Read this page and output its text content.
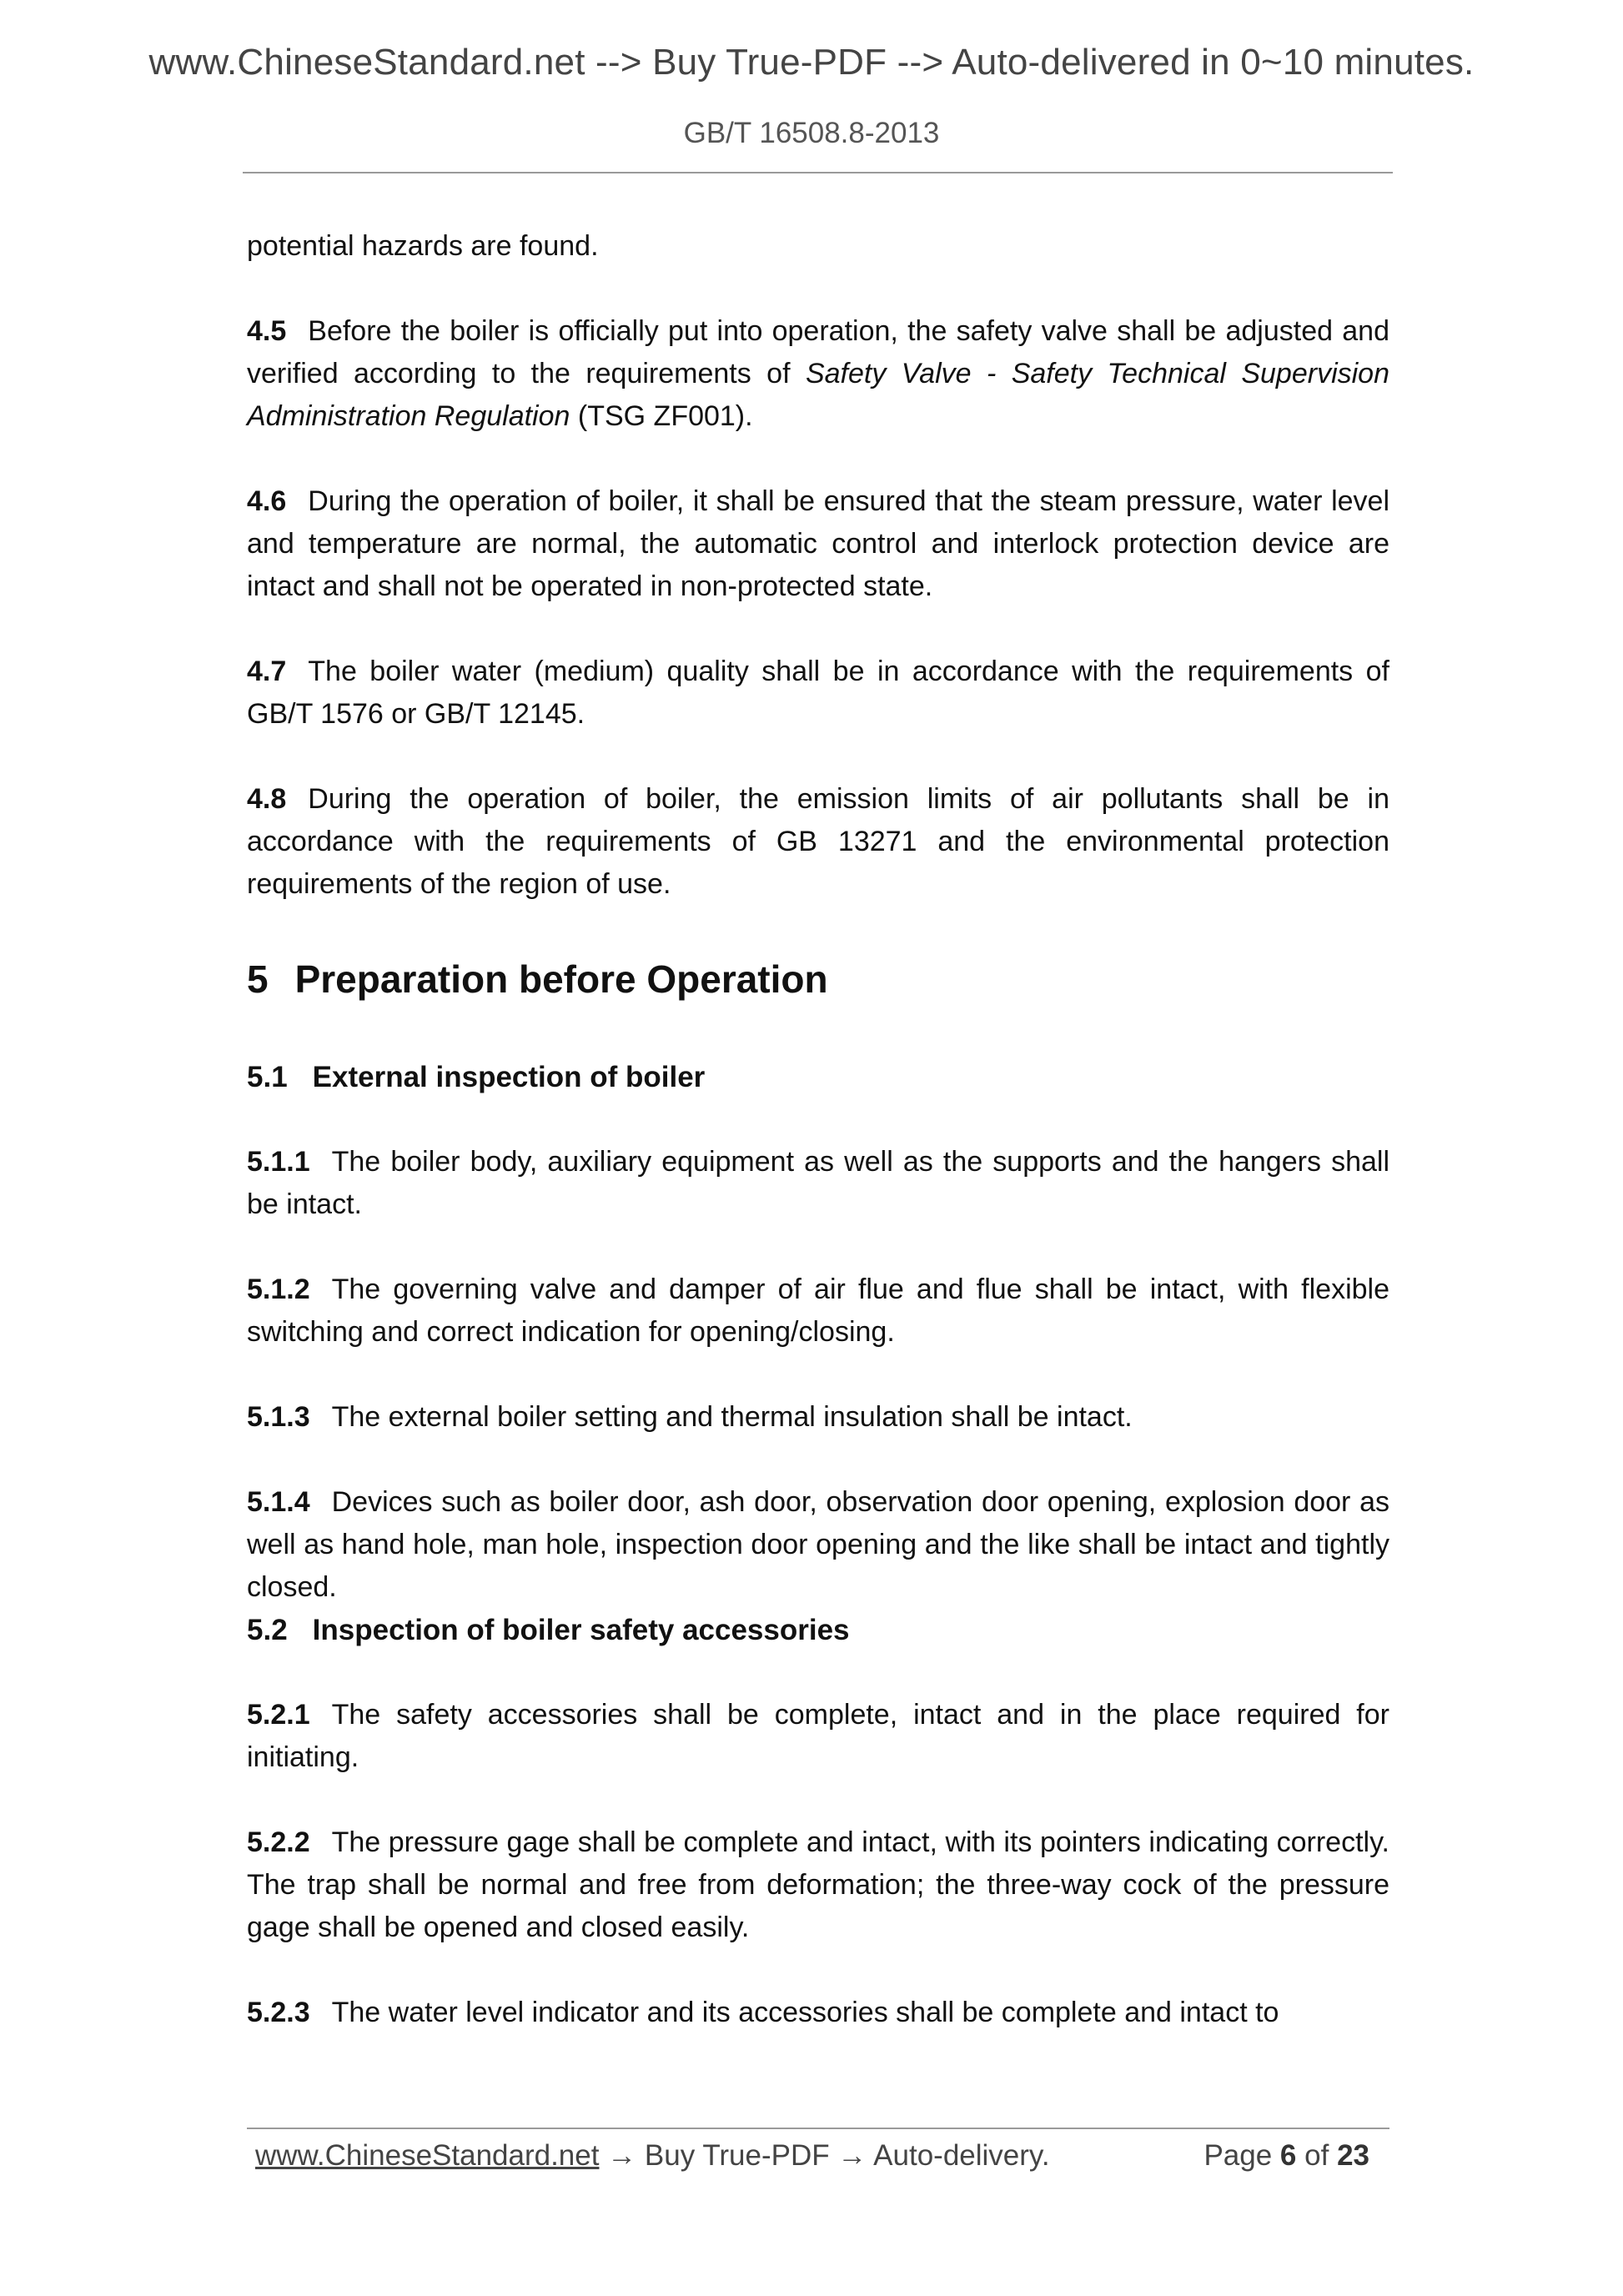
www.ChineseStandard.net --> Buy True-PDF --> Auto-delivered in 0~10 minutes.
GB/T 16508.8-2013

potential hazards are found.

4.5 Before the boiler is officially put into operation, the safety valve shall be adjusted and verified according to the requirements of Safety Valve - Safety Technical Supervision Administration Regulation (TSG ZF001).

4.6 During the operation of boiler, it shall be ensured that the steam pressure, water level and temperature are normal, the automatic control and interlock protection device are intact and shall not be operated in non-protected state.

4.7 The boiler water (medium) quality shall be in accordance with the requirements of GB/T 1576 or GB/T 12145.

4.8 During the operation of boiler, the emission limits of air pollutants shall be in accordance with the requirements of GB 13271 and the environmental protection requirements of the region of use.

5 Preparation before Operation
5.1 External inspection of boiler

5.1.1 The boiler body, auxiliary equipment as well as the supports and the hangers shall be intact.

5.1.2 The governing valve and damper of air flue and flue shall be intact, with flexible switching and correct indication for opening/closing.

5.1.3 The external boiler setting and thermal insulation shall be intact.

5.1.4 Devices such as boiler door, ash door, observation door opening, explosion door as well as hand hole, man hole, inspection door opening and the like shall be intact and tightly closed.

5.2 Inspection of boiler safety accessories

5.2.1 The safety accessories shall be complete, intact and in the place required for initiating.

5.2.2 The pressure gage shall be complete and intact, with its pointers indicating correctly. The trap shall be normal and free from deformation; the three-way cock of the pressure gage shall be opened and closed easily.

5.2.3 The water level indicator and its accessories shall be complete and intact to

www.ChineseStandard.net → Buy True-PDF → Auto-delivery.	Page 6 of 23
